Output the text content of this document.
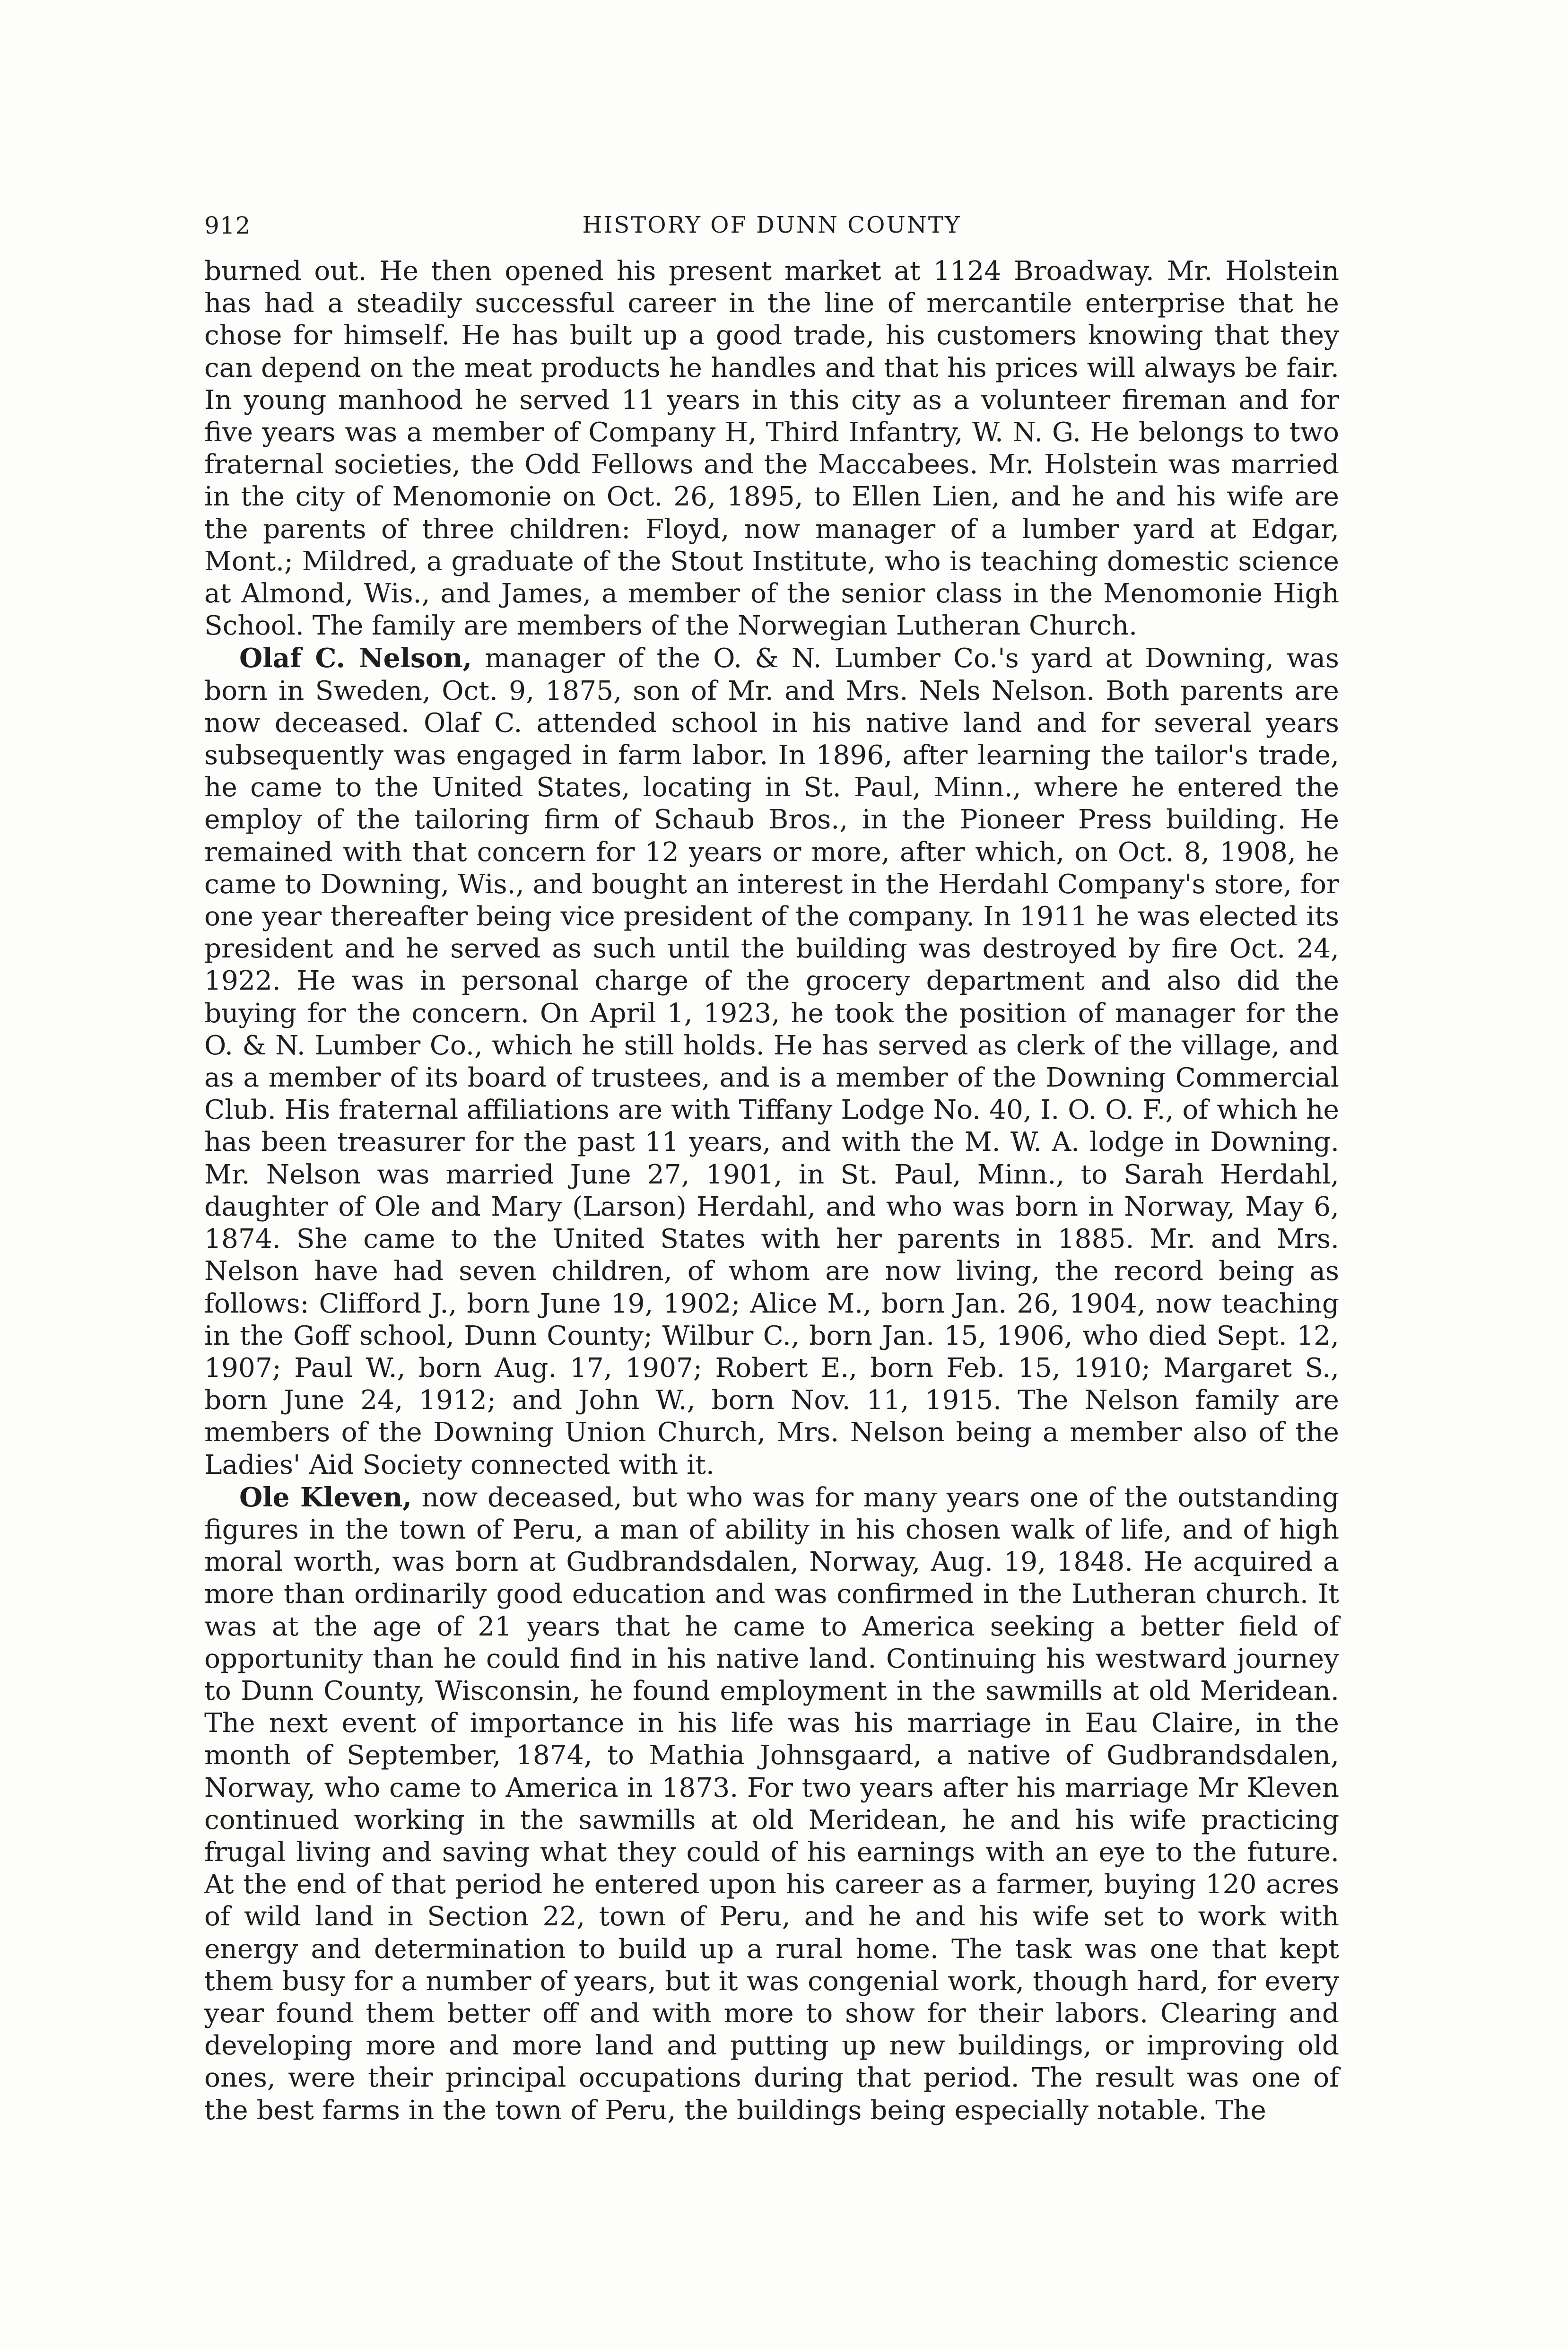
912	HISTORY OF DUNN COUNTY

burned out. He then opened his present market at 1124 Broadway. Mr. Holstein has had a steadily successful career in the line of mercantile enterprise that he chose for himself. He has built up a good trade, his customers knowing that they can depend on the meat products he handles and that his prices will always be fair. In young manhood he served 11 years in this city as a volunteer fireman and for five years was a member of Company H, Third Infantry, W. N. G. He belongs to two fraternal societies, the Odd Fellows and the Maccabees. Mr. Holstein was married in the city of Menomonie on Oct. 26, 1895, to Ellen Lien, and he and his wife are the parents of three children: Floyd, now manager of a lumber yard at Edgar, Mont.; Mildred, a graduate of the Stout Institute, who is teaching domestic science at Almond, Wis., and James, a member of the senior class in the Menomonie High School. The family are members of the Norwegian Lutheran Church.

Olaf C. Nelson, manager of the O. & N. Lumber Co.'s yard at Downing, was born in Sweden, Oct. 9, 1875, son of Mr. and Mrs. Nels Nelson. Both parents are now deceased. Olaf C. attended school in his native land and for several years subsequently was engaged in farm labor. In 1896, after learning the tailor's trade, he came to the United States, locating in St. Paul, Minn., where he entered the employ of the tailoring firm of Schaub Bros., in the Pioneer Press building. He remained with that concern for 12 years or more, after which, on Oct. 8, 1908, he came to Downing, Wis., and bought an interest in the Herdahl Company's store, for one year thereafter being vice president of the company. In 1911 he was elected its president and he served as such until the building was destroyed by fire Oct. 24, 1922. He was in personal charge of the grocery department and also did the buying for the concern. On April 1, 1923, he took the position of manager for the O. & N. Lumber Co., which he still holds. He has served as clerk of the village, and as a member of its board of trustees, and is a member of the Downing Commercial Club. His fraternal affiliations are with Tiffany Lodge No. 40, I. O. O. F., of which he has been treasurer for the past 11 years, and with the M. W. A. lodge in Downing. Mr. Nelson was married June 27, 1901, in St. Paul, Minn., to Sarah Herdahl, daughter of Ole and Mary (Larson) Herdahl, and who was born in Norway, May 6, 1874. She came to the United States with her parents in 1885. Mr. and Mrs. Nelson have had seven children, of whom are now living, the record being as follows: Clifford J., born June 19, 1902; Alice M., born Jan. 26, 1904, now teaching in the Goff school, Dunn County; Wilbur C., born Jan. 15, 1906, who died Sept. 12, 1907; Paul W., born Aug. 17, 1907; Robert E., born Feb. 15, 1910; Margaret S., born June 24, 1912; and John W., born Nov. 11, 1915. The Nelson family are members of the Downing Union Church, Mrs. Nelson being a member also of the Ladies' Aid Society connected with it.

Ole Kleven, now deceased, but who was for many years one of the outstanding figures in the town of Peru, a man of ability in his chosen walk of life, and of high moral worth, was born at Gudbrandsdalen, Norway, Aug. 19, 1848. He acquired a more than ordinarily good education and was confirmed in the Lutheran church. It was at the age of 21 years that he came to America seeking a better field of opportunity than he could find in his native land. Continuing his westward journey to Dunn County, Wisconsin, he found employment in the sawmills at old Meridean. The next event of importance in his life was his marriage in Eau Claire, in the month of September, 1874, to Mathia Johnsgaard, a native of Gudbrandsdalen, Norway, who came to America in 1873. For two years after his marriage Mr Kleven continued working in the sawmills at old Meridean, he and his wife practicing frugal living and saving what they could of his earnings with an eye to the future. At the end of that period he entered upon his career as a farmer, buying 120 acres of wild land in Section 22, town of Peru, and he and his wife set to work with energy and determination to build up a rural home. The task was one that kept them busy for a number of years, but it was congenial work, though hard, for every year found them better off and with more to show for their labors. Clearing and developing more and more land and putting up new buildings, or improving old ones, were their principal occupations during that period. The result was one of the best farms in the town of Peru, the buildings being especially notable. The
